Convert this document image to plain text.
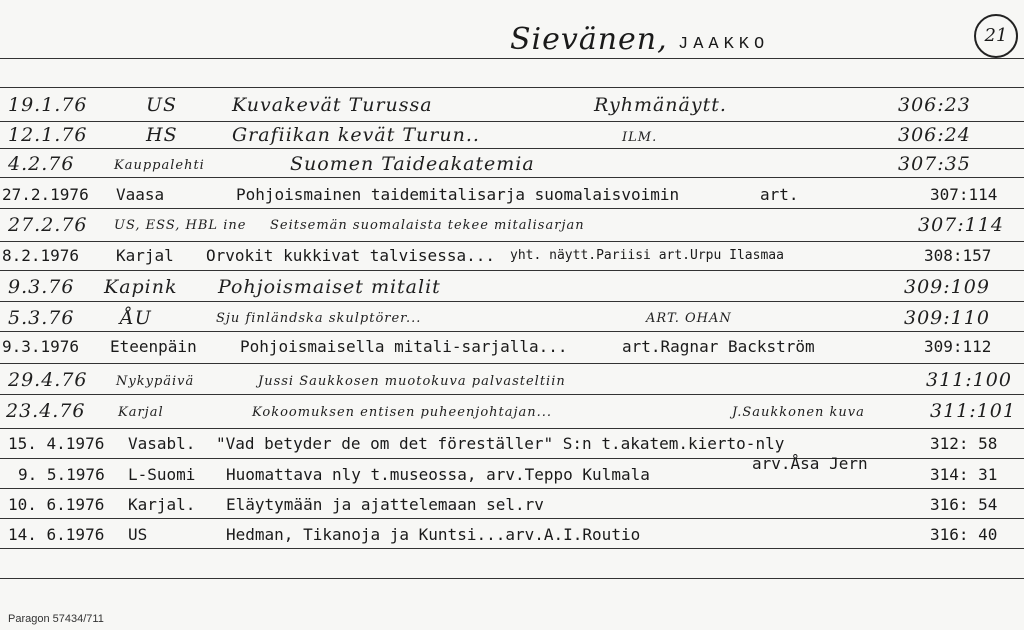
Sievänen, JAAKKO	21
19.1.76	US	Kuvakevät Turussa	Ryhmänäytt.	306:23
12.1.76	HS	Grafiikan kevät Turun..	ILM.	306:24
4.2.76	Kauppalehti	Suomen Taideakatemia	307:35
27.2.1976 Vaasa	Pohjoismainen taidemitalisarja suomalaisvoimin	art.	307:114
27.2.76 US, ESS, HBL ine Seitsemän suomalaista tekee mitalisarjan	307:114
8.2.1976 Karjal Orvokit kukkivat talvisessa... yht. näytt.Pariisi art.Urpu Ilasmaa	308:157
9.3.76 Kapink Pohjoismaiset mitalit	309:109
5.3.76 ÅU	Sju finländska skulptörer...	ART. OHAN	309:110
9.3.1976 Eteenpäin	Pohjoismaisella mitali-sarjalla...	art.Ragnar Backström	309:112
29.4.76 Nykypäivä	Jussi Saukkosen muotokuva palvasteltiin	311:100
23.4.76 Karjal	Kokoomuksen entisen puheenjohtajan...	J.Saukkonen kuva	311:101
15. 4.1976 Vasabl. "Vad betyder de om det föreställer" S:n t.akatem.kierto-nly	312: 58
arv.Åsa Jern
9. 5.1976 L-Suomi Huomattava nly t.museossa, arv.Teppo Kulmala	314: 31
10. 6.1976 Karjal. Eläytymään ja ajattelemaan sel.rv	316: 54
14. 6.1976 US	Hedman, Tikanoja ja Kuntsi...arv.A.I.Routio	316: 40
Paragon 57434/711
